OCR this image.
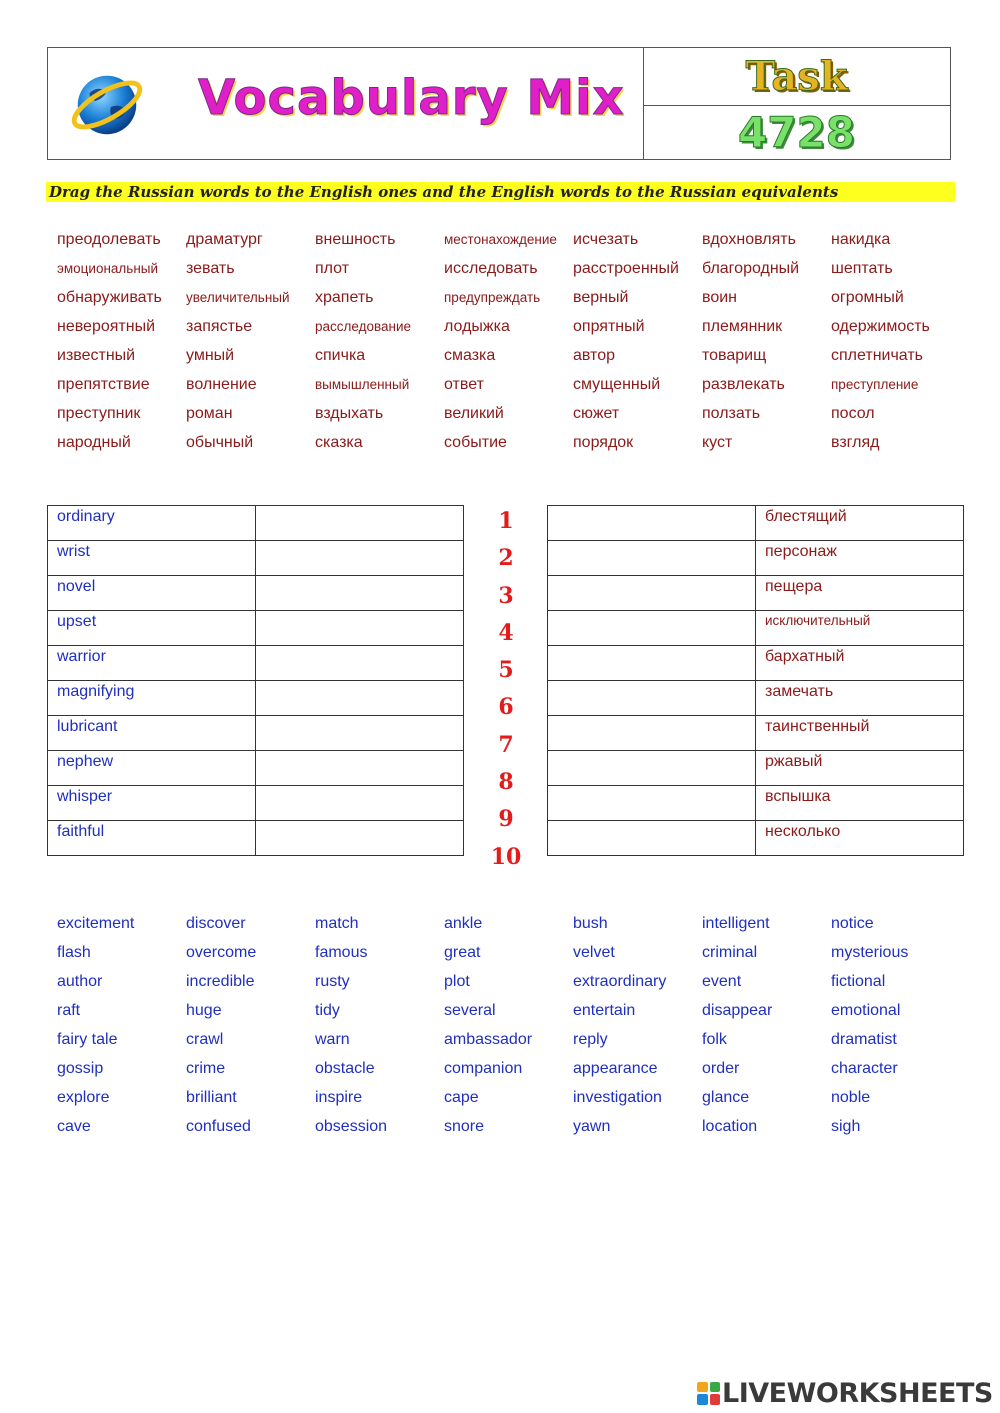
Vocabulary Mix	Task
4728
Drag the Russian words to the English ones and the English words to the Russian equivalents
преодолевать	драматург	внешность	местонахождение	исчезать	вдохновлять	накидка
эмоциональный	зевать	плот	исследовать	расстроенный	благородный	шептать
обнаруживать	увеличительный	храпеть	предупреждать	верный	воин	огромный
невероятный	запястье	расследование	лодыжка	опрятный	племянник	одержимость
известный	умный	спичка	смазка	автор	товарищ	сплетничать
препятствие	волнение	вымышленный	ответ	смущенный	развлекать	преступление
преступник	роман	вздыхать	великий	сюжет	ползать	посол
народный	обычный	сказка	событие	порядок	куст	взгляд
ordinary	
wrist	
novel	
upset	
warrior	
magnifying	
lubricant	
nephew	
whisper	
faithful	
1
2
3
4
5
6
7
8
9
10
	блестящий
	персонаж
	пещера
	исключительный
	бархатный
	замечать
	таинственный
	ржавый
	вспышка
	несколько
excitement	discover	match	ankle	bush	intelligent	notice
flash	overcome	famous	great	velvet	criminal	mysterious
author	incredible	rusty	plot	extraordinary	event	fictional
raft	huge	tidy	several	entertain	disappear	emotional
fairy tale	crawl	warn	ambassador	reply	folk	dramatist
gossip	crime	obstacle	companion	appearance	order	character
explore	brilliant	inspire	cape	investigation	glance	noble
cave	confused	obsession	snore	yawn	location	sigh
LIVEWORKSHEETS
